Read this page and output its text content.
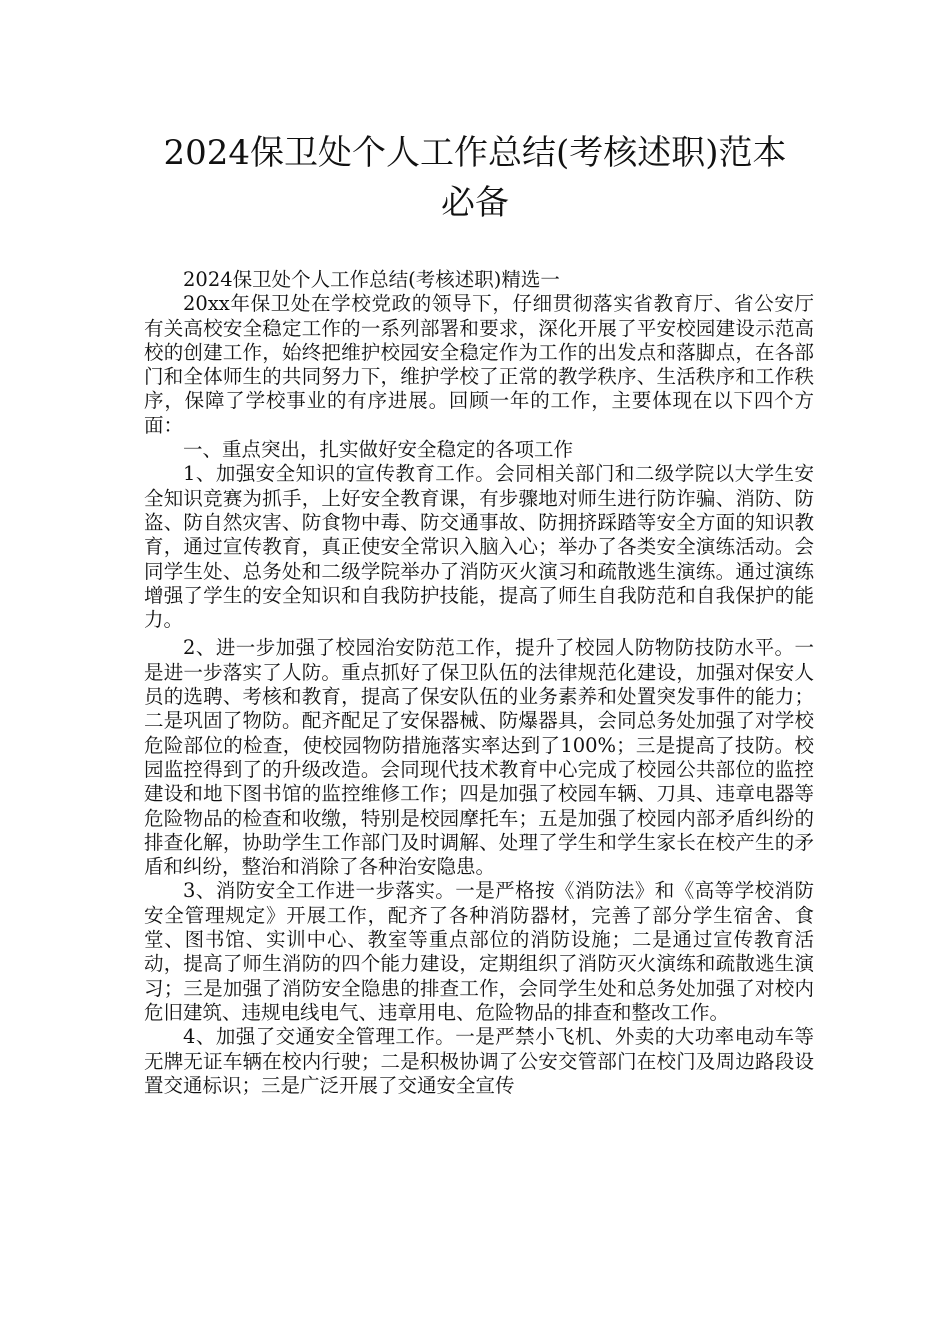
2024保卫处个人工作总结(考核述职)范本
必备

2024保卫处个人工作总结(考核述职)精选一

20xx年保卫处在学校党政的领导下，仔细贯彻落实省教育厅、省公安厅有关高校安全稳定工作的一系列部署和要求，深化开展了平安校园建设示范高校的创建工作，始终把维护校园安全稳定作为工作的出发点和落脚点，在各部门和全体师生的共同努力下，维护学校了正常的教学秩序、生活秩序和工作秩序，保障了学校事业的有序进展。回顾一年的工作，主要体现在以下四个方面：

一、重点突出，扎实做好安全稳定的各项工作

1、加强安全知识的宣传教育工作。会同相关部门和二级学院以大学生安全知识竞赛为抓手，上好安全教育课，有步骤地对师生进行防诈骗、消防、防盗、防自然灾害、防食物中毒、防交通事故、防拥挤踩踏等安全方面的知识教育，通过宣传教育，真正使安全常识入脑入心；举办了各类安全演练活动。会同学生处、总务处和二级学院举办了消防灭火演习和疏散逃生演练。通过演练增强了学生的安全知识和自我防护技能，提高了师生自我防范和自我保护的能力。

2、进一步加强了校园治安防范工作，提升了校园人防物防技防水平。一是进一步落实了人防。重点抓好了保卫队伍的法律规范化建设，加强对保安人员的选聘、考核和教育，提高了保安队伍的业务素养和处置突发事件的能力；二是巩固了物防。配齐配足了安保器械、防爆器具，会同总务处加强了对学校危险部位的检查，使校园物防措施落实率达到了100%；三是提高了技防。校园监控得到了的升级改造。会同现代技术教育中心完成了校园公共部位的监控建设和地下图书馆的监控维修工作；四是加强了校园车辆、刀具、违章电器等危险物品的检查和收缴，特别是校园摩托车；五是加强了校园内部矛盾纠纷的排查化解，协助学生工作部门及时调解、处理了学生和学生家长在校产生的矛盾和纠纷，整治和消除了各种治安隐患。

3、消防安全工作进一步落实。一是严格按《消防法》和《高等学校消防安全管理规定》开展工作，配齐了各种消防器材，完善了部分学生宿舍、食堂、图书馆、实训中心、教室等重点部位的消防设施；二是通过宣传教育活动，提高了师生消防的四个能力建设，定期组织了消防灭火演练和疏散逃生演习；三是加强了消防安全隐患的排查工作，会同学生处和总务处加强了对校内危旧建筑、违规电线电气、违章用电、危险物品的排查和整改工作。

4、加强了交通安全管理工作。一是严禁小飞机、外卖的大功率电动车等无牌无证车辆在校内行驶；二是积极协调了公安交管部门在校门及周边路段设置交通标识；三是广泛开展了交通安全宣传
